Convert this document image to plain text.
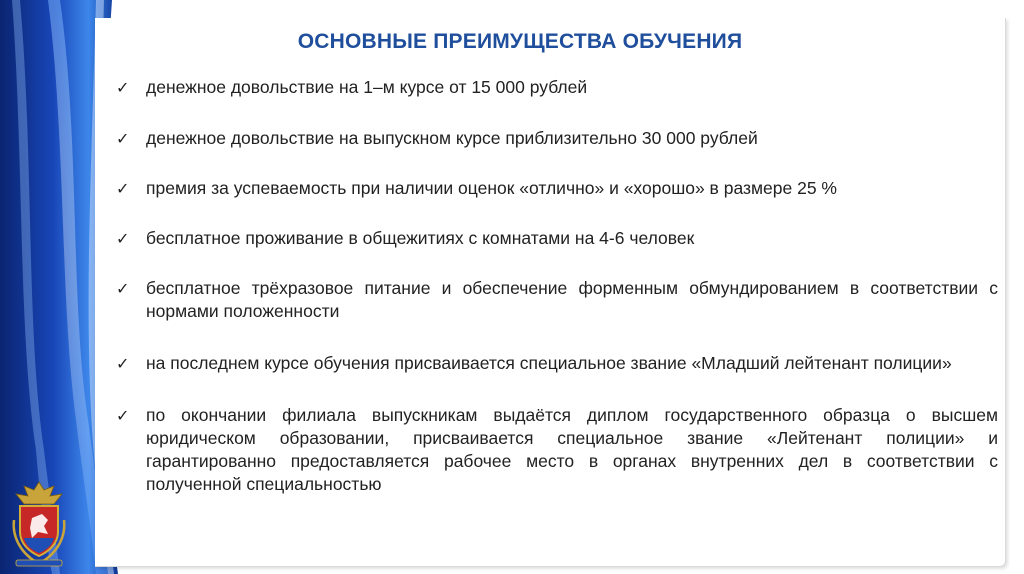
ОСНОВНЫЕ ПРЕИМУЩЕСТВА ОБУЧЕНИЯ
✓ денежное довольствие на 1–м курсе от 15 000 рублей
✓ денежное довольствие на выпускном курсе приблизительно 30 000 рублей
✓ премия за успеваемость при наличии оценок «отлично» и «хорошо» в размере 25 %
✓ бесплатное проживание в общежитиях с комнатами на 4-6 человек
✓ бесплатное трёхразовое питание и обеспечение форменным обмундированием в соответствии с нормами положенности
✓ на последнем курсе обучения присваивается специальное звание «Младший лейтенант полиции»
✓ по окончании филиала выпускникам выдаётся диплом государственного образца о высшем юридическом образовании, присваивается специальное звание «Лейтенант полиции» и гарантированно предоставляется рабочее место в органах внутренних дел в соответствии с полученной специальностью
